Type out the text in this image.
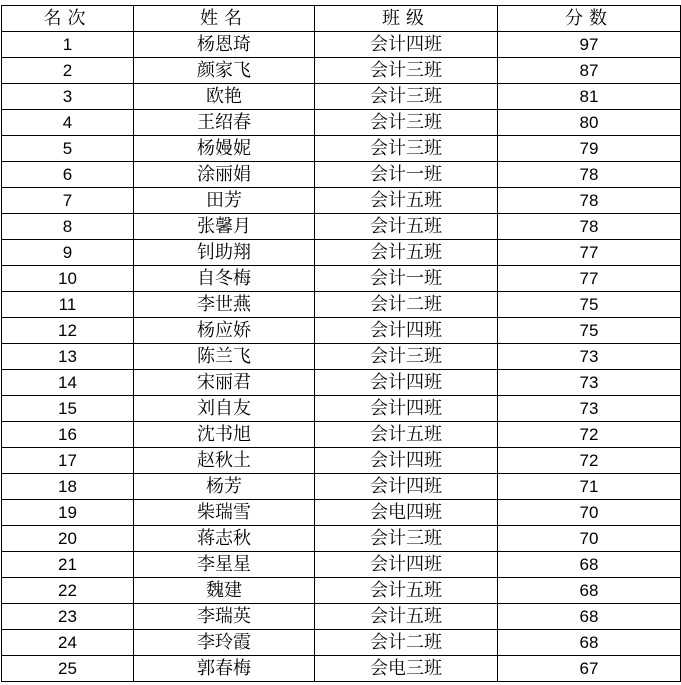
名次	姓名	班级	分数
1	杨恩琦	会计四班	97
2	颜家飞	会计三班	87
3	欧艳	会计三班	81
4	王绍春	会计三班	80
5	杨嫚妮	会计三班	79
6	涂丽娟	会计一班	78
7	田芳	会计五班	78
8	张馨月	会计五班	78
9	钊助翔	会计五班	77
10	自冬梅	会计一班	77
11	李世燕	会计二班	75
12	杨应娇	会计四班	75
13	陈兰飞	会计三班	73
14	宋丽君	会计四班	73
15	刘自友	会计四班	73
16	沈书旭	会计五班	72
17	赵秋土	会计四班	72
18	杨芳	会计四班	71
19	柴瑞雪	会电四班	70
20	蒋志秋	会计三班	70
21	李星星	会计四班	68
22	魏建	会计五班	68
23	李瑞英	会计五班	68
24	李玲霞	会计二班	68
25	郭春梅	会电三班	67
